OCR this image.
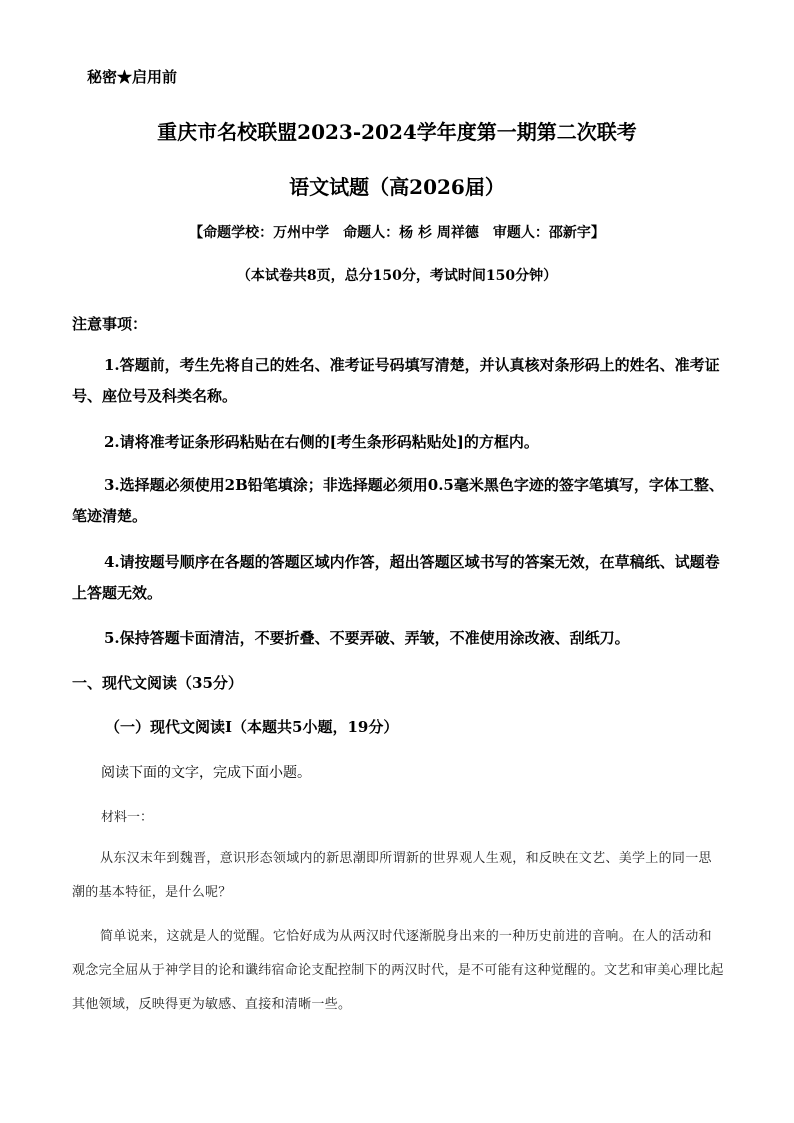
秘密★启用前
重庆市名校联盟2023-2024学年度第一期第二次联考
语文试题（高2026届）
【命题学校：万州中学　命题人：杨 杉 周祥德　审题人：邵新宇】
（本试卷共8页，总分150分，考试时间150分钟）
注意事项：
1.答题前，考生先将自己的姓名、准考证号码填写清楚，并认真核对条形码上的姓名、准考证号、座位号及科类名称。
2.请将准考证条形码粘贴在右侧的[考生条形码粘贴处]的方框内。
3.选择题必须使用2B铅笔填涂；非选择题必须用0.5毫米黑色字迹的签字笔填写，字体工整、笔迹清楚。
4.请按题号顺序在各题的答题区域内作答，超出答题区域书写的答案无效，在草稿纸、试题卷上答题无效。
5.保持答题卡面清洁，不要折叠、不要弄破、弄皱，不准使用涂改液、刮纸刀。
一、现代文阅读（35分）
（一）现代文阅读Ⅰ（本题共5小题，19分）
阅读下面的文字，完成下面小题。
材料一：
从东汉末年到魏晋，意识形态领域内的新思潮即所谓新的世界观人生观，和反映在文艺、美学上的同一思潮的基本特征，是什么呢？
简单说来，这就是人的觉醒。它恰好成为从两汉时代逐渐脱身出来的一种历史前进的音响。在人的活动和观念完全屈从于神学目的论和谶纬宿命论支配控制下的两汉时代，是不可能有这种觉醒的。文艺和审美心理比起其他领域，反映得更为敏感、直接和清晰一些。
